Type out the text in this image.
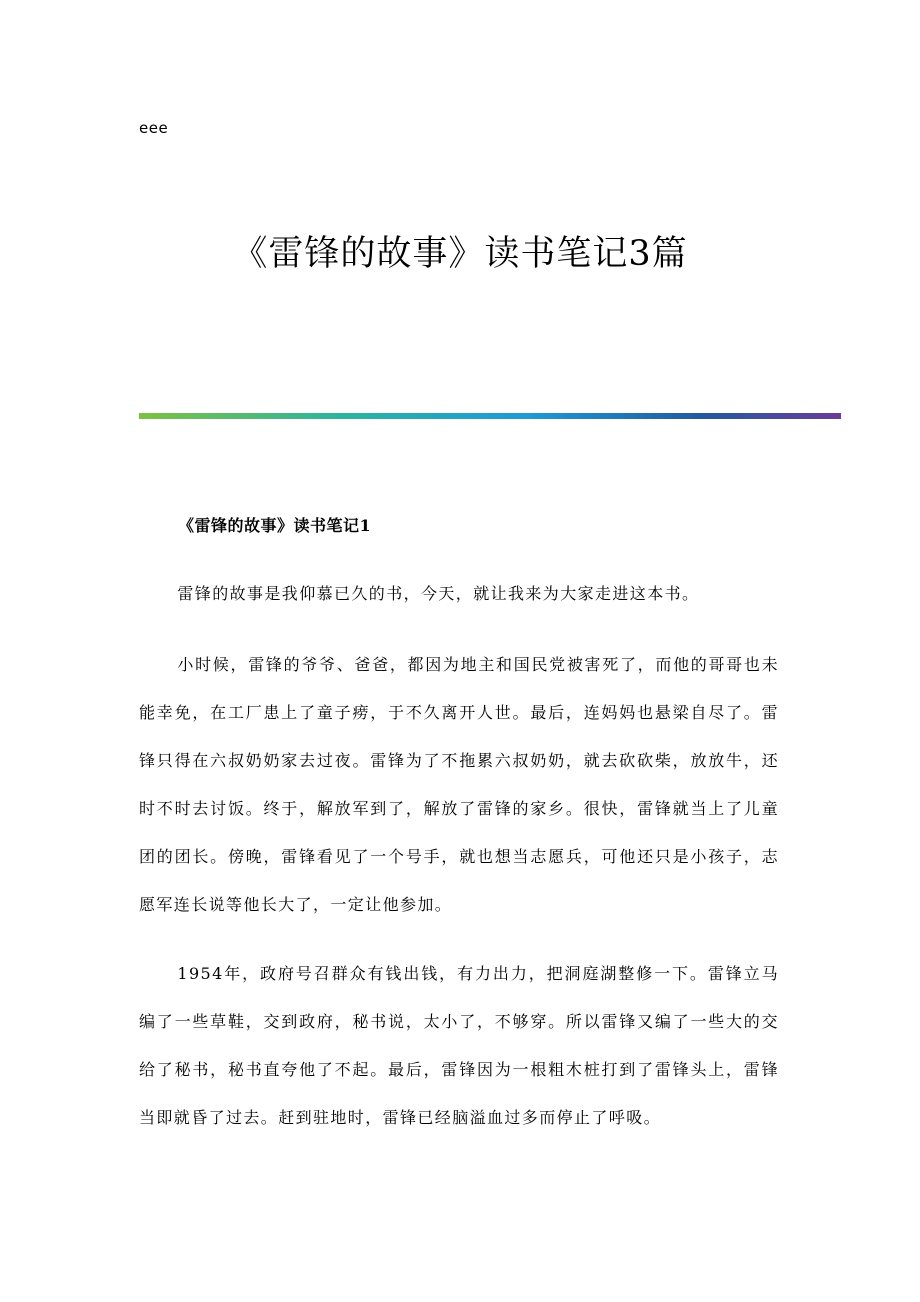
eee
《雷锋的故事》读书笔记3篇
《雷锋的故事》读书笔记1

雷锋的故事是我仰慕已久的书，今天，就让我来为大家走进这本书。

小时候，雷锋的爷爷、爸爸，都因为地主和国民党被害死了，而他的哥哥也未能幸免，在工厂患上了童子痨，于不久离开人世。最后，连妈妈也悬梁自尽了。雷锋只得在六叔奶奶家去过夜。雷锋为了不拖累六叔奶奶，就去砍砍柴，放放牛，还时不时去讨饭。终于，解放军到了，解放了雷锋的家乡。很快，雷锋就当上了儿童团的团长。傍晚，雷锋看见了一个号手，就也想当志愿兵，可他还只是小孩子，志愿军连长说等他长大了，一定让他参加。

1954年，政府号召群众有钱出钱，有力出力，把洞庭湖整修一下。雷锋立马编了一些草鞋，交到政府，秘书说，太小了，不够穿。所以雷锋又编了一些大的交给了秘书，秘书直夸他了不起。最后，雷锋因为一根粗木桩打到了雷锋头上，雷锋当即就昏了过去。赶到驻地时，雷锋已经脑溢血过多而停止了呼吸。
